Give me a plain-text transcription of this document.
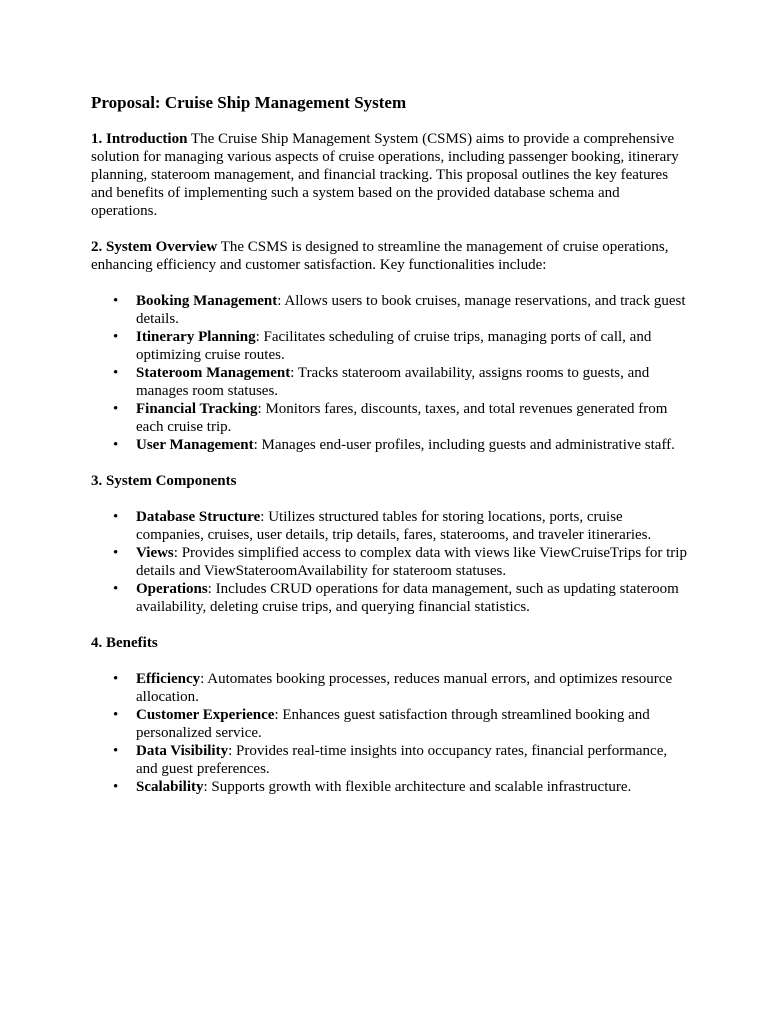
Proposal: Cruise Ship Management System

1. Introduction The Cruise Ship Management System (CSMS) aims to provide a comprehensive solution for managing various aspects of cruise operations, including passenger booking, itinerary planning, stateroom management, and financial tracking. This proposal outlines the key features and benefits of implementing such a system based on the provided database schema and operations.

2. System Overview The CSMS is designed to streamline the management of cruise operations, enhancing efficiency and customer satisfaction. Key functionalities include:

• Booking Management: Allows users to book cruises, manage reservations, and track guest details.
• Itinerary Planning: Facilitates scheduling of cruise trips, managing ports of call, and optimizing cruise routes.
• Stateroom Management: Tracks stateroom availability, assigns rooms to guests, and manages room statuses.
• Financial Tracking: Monitors fares, discounts, taxes, and total revenues generated from each cruise trip.
• User Management: Manages end-user profiles, including guests and administrative staff.
3. System Components
• Database Structure: Utilizes structured tables for storing locations, ports, cruise companies, cruises, user details, trip details, fares, staterooms, and traveler itineraries.
• Views: Provides simplified access to complex data with views like ViewCruiseTrips for trip details and ViewStateroomAvailability for stateroom statuses.
• Operations: Includes CRUD operations for data management, such as updating stateroom availability, deleting cruise trips, and querying financial statistics.
4. Benefits
• Efficiency: Automates booking processes, reduces manual errors, and optimizes resource allocation.
• Customer Experience: Enhances guest satisfaction through streamlined booking and personalized service.
• Data Visibility: Provides real-time insights into occupancy rates, financial performance, and guest preferences.
• Scalability: Supports growth with flexible architecture and scalable infrastructure.
